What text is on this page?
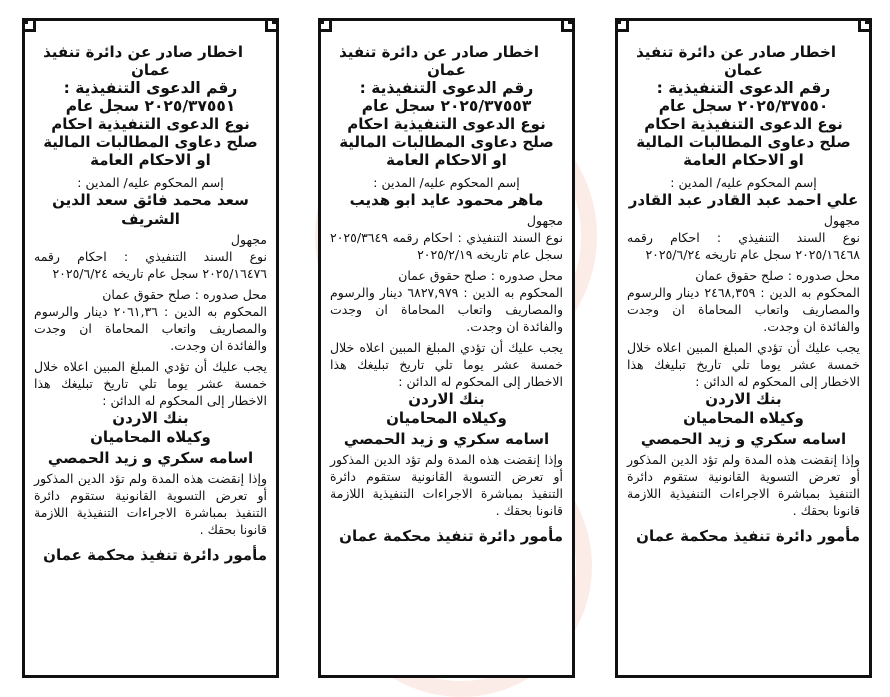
اخطار صادر عن دائرة تنفيذ
عمان
رقم الدعوى التنفيذية :
٢٠٢٥/٣٧٥٥١ سجل عام
نوع الدعوى التنفيذية احكام صلح دعاوى المطالبات المالية او الاحكام العامة
إسم المحكوم عليه/ المدين :
سعد محمد فائق سعد الدين الشريف
مجهول
نوع السند التنفيذي : احكام رقمه ٢٠٢٥/١٦٤٧٦ سجل عام تاريخه ٢٠٢٥/٦/٢٤
محل صدوره : صلح حقوق عمان
المحكوم به الدين : ٢٠٦١,٣٦ دينار والرسوم والمصاريف واتعاب المحاماة ان وجدت والفائدة ان وجدت.
يجب عليك أن تؤدي المبلغ المبين اعلاه خلال خمسة عشر يوما تلي تاريخ تبليغك هذا الاخطار إلى المحكوم له الدائن :
بنك الاردن
وكيلاه المحاميان
اسامه سكري و زيد الحمصي
وإذا إنقضت هذه المدة ولم تؤد الدين المذكور أو تعرض التسوية القانونية ستقوم دائرة التنفيذ بمباشرة الاجراءات التنفيذية اللازمة قانونا بحقك .
مأمور دائرة تنفيذ محكمة عمان
اخطار صادر عن دائرة تنفيذ
عمان
رقم الدعوى التنفيذية :
٢٠٢٥/٣٧٥٥٣ سجل عام
نوع الدعوى التنفيذية احكام صلح دعاوى المطالبات المالية او الاحكام العامة
إسم المحكوم عليه/ المدين :
ماهر محمود عايد ابو هديب
مجهول
نوع السند التنفيذي : احكام رقمه ٢٠٢٥/٣٦٤٩ سجل عام تاريخه ٢٠٢٥/٢/١٩
محل صدوره : صلح حقوق عمان
المحكوم به الدين : ٦٨٢٧,٩٧٩ دينار والرسوم والمصاريف واتعاب المحاماة ان وجدت والفائدة ان وجدت.
يجب عليك أن تؤدي المبلغ المبين اعلاه خلال خمسة عشر يوما تلي تاريخ تبليغك هذا الاخطار إلى المحكوم له الدائن :
بنك الاردن
وكيلاه المحاميان
اسامه سكري و زيد الحمصي
وإذا إنقضت هذه المدة ولم تؤد الدين المذكور أو تعرض التسوية القانونية ستقوم دائرة التنفيذ بمباشرة الاجراءات التنفيذية اللازمة قانونا بحقك .
مأمور دائرة تنفيذ محكمة عمان
اخطار صادر عن دائرة تنفيذ
عمان
رقم الدعوى التنفيذية :
٢٠٢٥/٣٧٥٥٠ سجل عام
نوع الدعوى التنفيذية احكام صلح دعاوى المطالبات المالية او الاحكام العامة
إسم المحكوم عليه/ المدين :
علي احمد عبد القادر عبد القادر
مجهول
نوع السند التنفيذي : احكام رقمه ٢٠٢٥/١٦٤٦٨ سجل عام تاريخه ٢٠٢٥/٦/٢٤
محل صدوره : صلح حقوق عمان
المحكوم به الدين : ٢٤٦٨,٣٥٩ دينار والرسوم والمصاريف واتعاب المحاماة ان وجدت والفائدة ان وجدت.
يجب عليك أن تؤدي المبلغ المبين اعلاه خلال خمسة عشر يوما تلي تاريخ تبليغك هذا الاخطار إلى المحكوم له الدائن :
بنك الاردن
وكيلاه المحاميان
اسامه سكري و زيد الحمصي
وإذا إنقضت هذه المدة ولم تؤد الدين المذكور أو تعرض التسوية القانونية ستقوم دائرة التنفيذ بمباشرة الاجراءات التنفيذية اللازمة قانونا بحقك .
مأمور دائرة تنفيذ محكمة عمان
